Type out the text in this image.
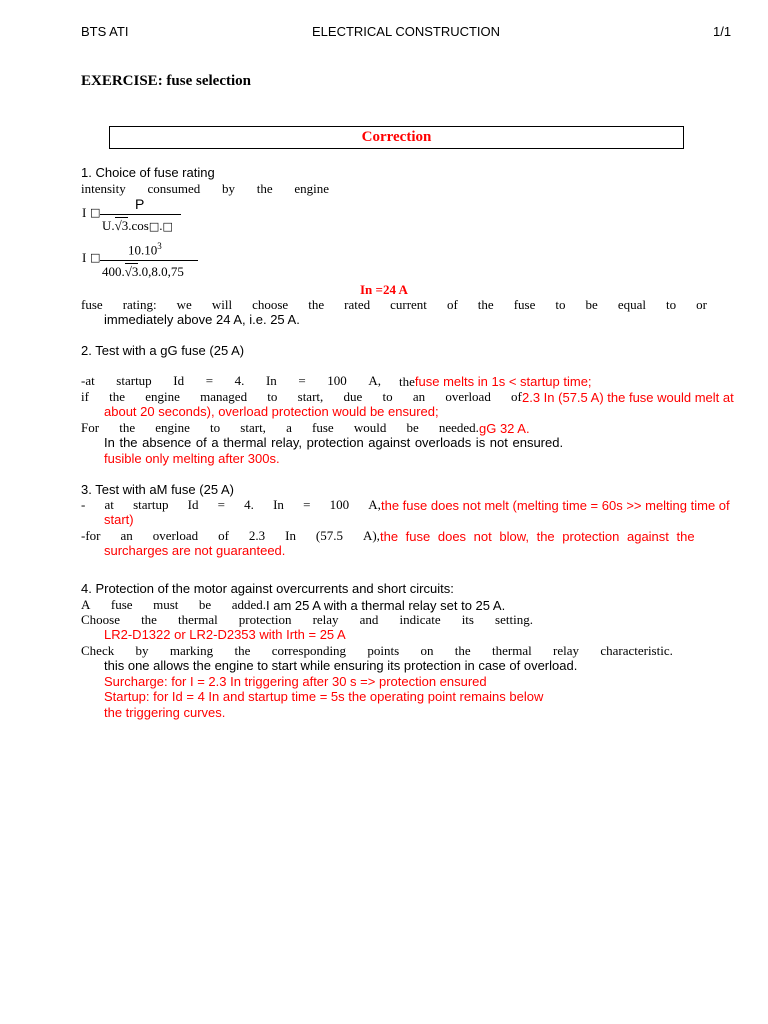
BTS ATI	ELECTRICAL CONSTRUCTION	1/1
EXERCISE: fuse selection
Correction
1. Choice of fuse rating
intensity consumed by the engine
I □
P
U.√3.cos□.□
I □
10.10$^3$
400.√3.0,8.0,75
In =24 A
fuse rating: we will choose the rated current of the fuse to be equal to or
immediately above 24 A, i.e. 25 A.
2. Test with a gG fuse (25 A)
-at startup Id = 4. In = 100 A, thefuse melts in 1s < startup time;
if the engine managed to start, due to an overload of 2.3 In (57.5 A) the fuse would melt at
about 20 seconds), overload protection would be ensured;
For the engine to start, a fuse would be needed. gG 32 A.
In the absence of a thermal relay, protection against overloads is not ensured.
fusible only melting after 300s.
3. Test with aM fuse (25 A)
- at startup Id = 4. In = 100 A, the fuse does not melt (melting time = 60s >> melting time of
start)
-for an overload of 2.3 In (57.5 A), the fuse does not blow, the protection against the
surcharges are not guaranteed.
4. Protection of the motor against overcurrents and short circuits:
A fuse must be added. I am 25 A with a thermal relay set to 25 A.
Choose the thermal protection relay and indicate its setting.
LR2-D1322 or LR2-D2353 with Irth = 25 A
Check by marking the corresponding points on the thermal relay characteristic.
this one allows the engine to start while ensuring its protection in case of overload.
Surcharge: for I = 2.3 In triggering after 30 s => protection ensured
Startup: for Id = 4 In and startup time = 5s the operating point remains below
the triggering curves.
